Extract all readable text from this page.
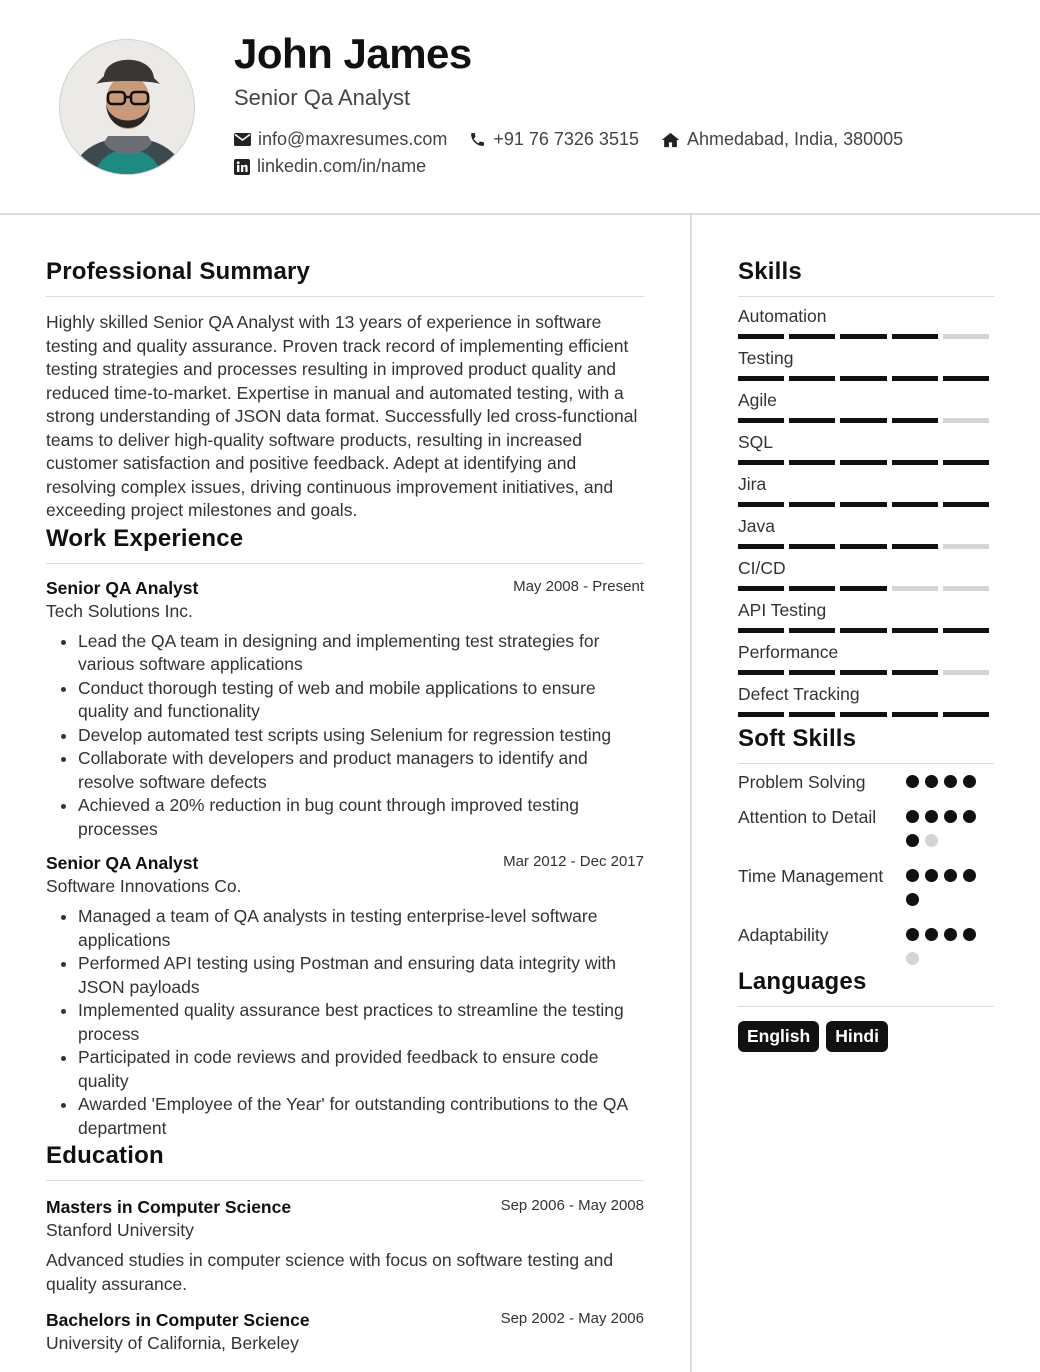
John James
Senior Qa Analyst
info@maxresumes.com	+91 76 7326 3515	Ahmedabad, India, 380005
linkedin.com/in/name
Professional Summary

Highly skilled Senior QA Analyst with 13 years of experience in software testing and quality assurance. Proven track record of implementing efficient testing strategies and processes resulting in improved product quality and reduced time-to-market. Expertise in manual and automated testing, with a strong understanding of JSON data format. Successfully led cross-functional teams to deliver high-quality software products, resulting in increased customer satisfaction and positive feedback. Adept at identifying and resolving complex issues, driving continuous improvement initiatives, and exceeding project milestones and goals.

Work Experience
Senior QA Analyst	May 2008 - Present
Tech Solutions Inc.
• Lead the QA team in designing and implementing test strategies for various software applications
• Conduct thorough testing of web and mobile applications to ensure quality and functionality
• Develop automated test scripts using Selenium for regression testing
• Collaborate with developers and product managers to identify and resolve software defects
• Achieved a 20% reduction in bug count through improved testing processes
Senior QA Analyst	Mar 2012 - Dec 2017
Software Innovations Co.
• Managed a team of QA analysts in testing enterprise-level software applications
• Performed API testing using Postman and ensuring data integrity with JSON payloads
• Implemented quality assurance best practices to streamline the testing process
• Participated in code reviews and provided feedback to ensure code quality
• Awarded 'Employee of the Year' for outstanding contributions to the QA department
Education
Masters in Computer Science	Sep 2006 - May 2008
Stanford University

Advanced studies in computer science with focus on software testing and quality assurance.

Bachelors in Computer Science	Sep 2002 - May 2006
University of California, Berkeley
Skills
Automation
Testing
Agile
SQL
Jira
Java
CI/CD
API Testing
Performance
Defect Tracking
Soft Skills
Problem Solving
Attention to Detail
Time Management
Adaptability
Languages
English	Hindi
